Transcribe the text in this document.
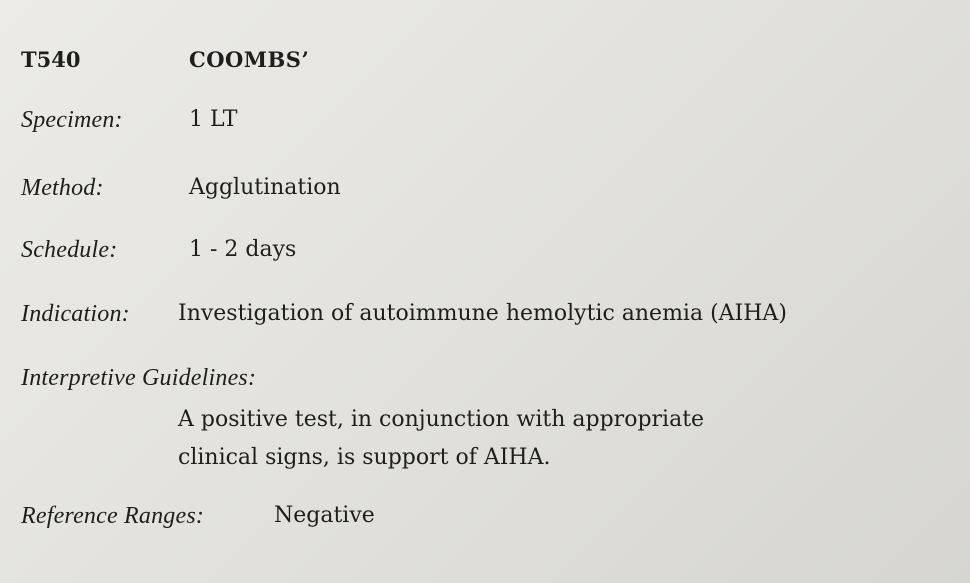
T540	COOMBS’
Specimen:	1 LT
Method:	Agglutination
Schedule:	1 - 2 days
Indication: Investigation of autoimmune hemolytic anemia (AIHA)
Interpretive Guidelines:
A positive test, in conjunction with appropriate
clinical signs, is support of AIHA.
Reference Ranges:	Negative
